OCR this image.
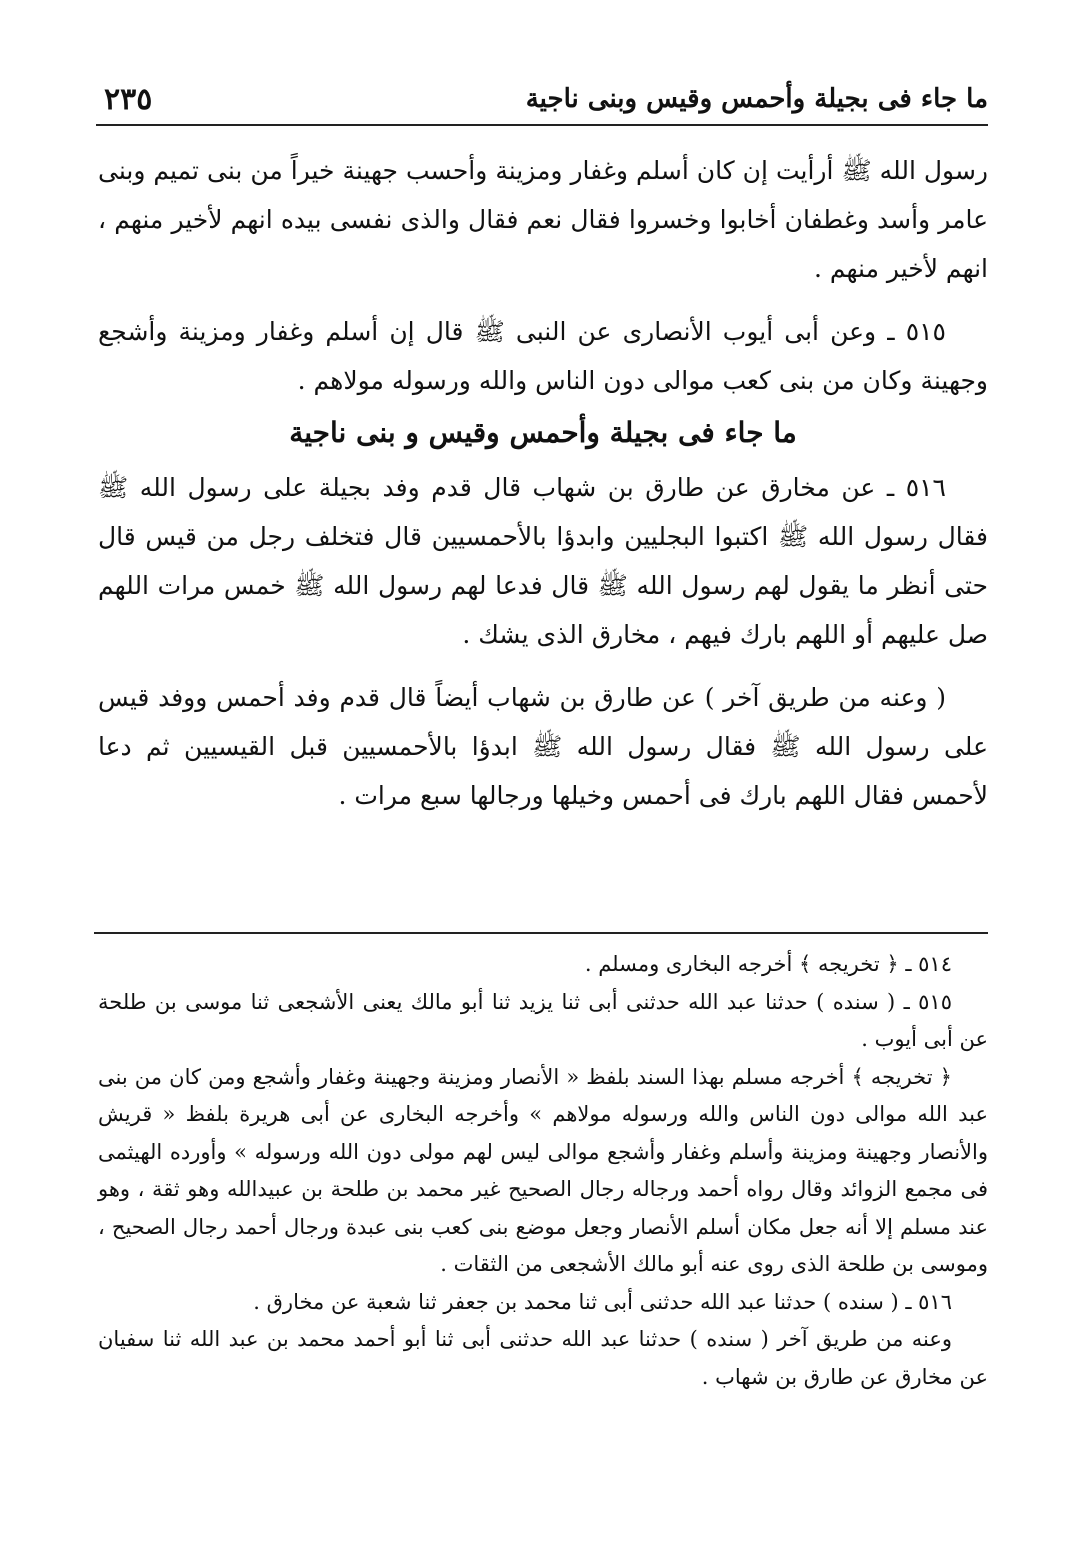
ما جاء فى بجيلة وأحمس وقيس وبنى ناجية
٢٣٥

رسول الله ﷺ أرأيت إن كان أسلم وغفار ومزينة وأحسب جهينة خيراً من بنى تميم وبنى عامر وأسد وغطفان أخابوا وخسروا فقال نعم فقال والذى نفسى بيده انهم لأخير منهم ، انهم لأخير منهم .

٥١٥ ـ وعن أبى أيوب الأنصارى عن النبى ﷺ قال إن أسلم وغفار ومزينة وأشجع وجهينة وكان من بنى كعب موالى دون الناس والله ورسوله مولاهم .

ما جاء فى بجيلة وأحمس وقيس و بنى ناجية

٥١٦ ـ عن مخارق عن طارق بن شهاب قال قدم وفد بجيلة على رسول الله ﷺ فقال رسول الله ﷺ اكتبوا البجليين وابدؤا بالأحمسيين قال فتخلف رجل من قيس قال حتى أنظر ما يقول لهم رسول الله ﷺ قال فدعا لهم رسول الله ﷺ خمس مرات اللهم صل عليهم أو اللهم بارك فيهم ، مخارق الذى يشك .

( وعنه من طريق آخر ) عن طارق بن شهاب أيضاً قال قدم وفد أحمس ووفد قيس على رسول الله ﷺ فقال رسول الله ﷺ ابدؤا بالأحمسيين قبل القيسيين ثم دعا لأحمس فقال اللهم بارك فى أحمس وخيلها ورجالها سبع مرات .

٥١٤ ـ ﴿ تخريجه ﴾ أخرجه البخارى ومسلم .

٥١٥ ـ ( سنده ) حدثنا عبد الله حدثنى أبى ثنا يزيد ثنا أبو مالك يعنى الأشجعى ثنا موسى بن طلحة عن أبى أيوب .

﴿ تخريجه ﴾ أخرجه مسلم بهذا السند بلفظ « الأنصار ومزينة وجهينة وغفار وأشجع ومن كان من بنى عبد الله موالى دون الناس والله ورسوله مولاهم » وأخرجه البخارى عن أبى هريرة بلفظ « قريش والأنصار وجهينة ومزينة وأسلم وغفار وأشجع موالى ليس لهم مولى دون الله ورسوله » وأورده الهيثمى فى مجمع الزوائد وقال رواه أحمد ورجاله رجال الصحيح غير محمد بن طلحة بن عبيدالله وهو ثقة ، وهو عند مسلم إلا أنه جعل مكان أسلم الأنصار وجعل موضع بنى كعب بنى عبدة ورجال أحمد رجال الصحيح ، وموسى بن طلحة الذى روى عنه أبو مالك الأشجعى من الثقات .

٥١٦ ـ ( سنده ) حدثنا عبد الله حدثنى أبى ثنا محمد بن جعفر ثنا شعبة عن مخارق .

وعنه من طريق آخر ( سنده ) حدثنا عبد الله حدثنى أبى ثنا أبو أحمد محمد بن عبد الله ثنا سفيان عن مخارق عن طارق بن شهاب .
